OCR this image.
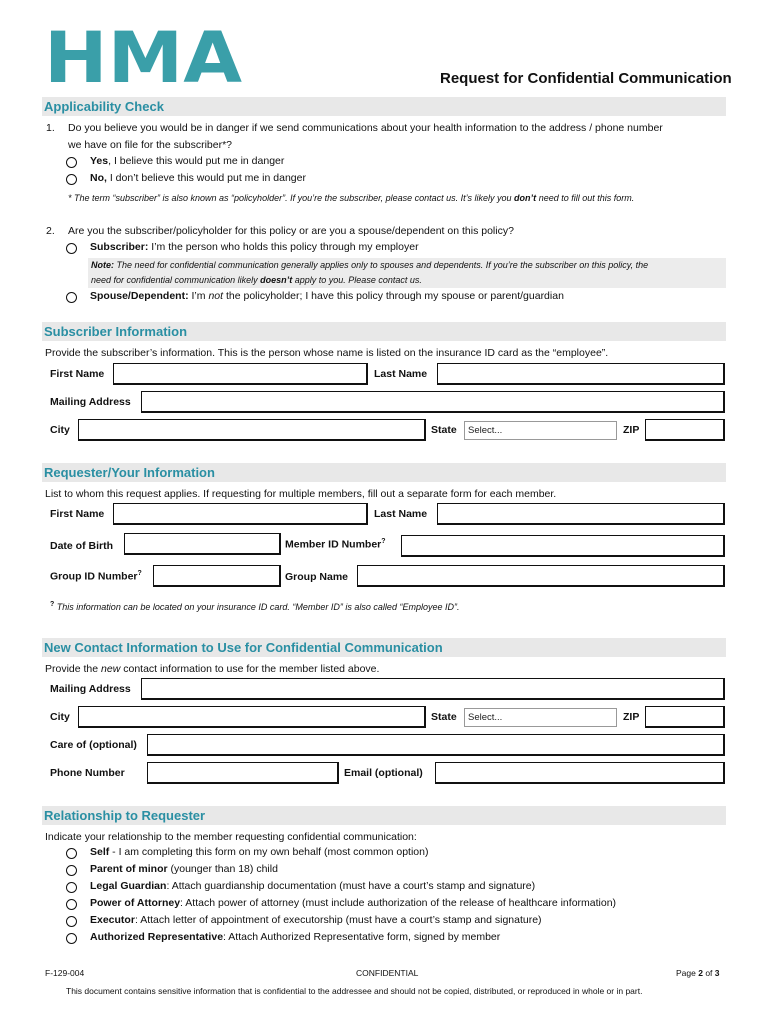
HMA	Request for Confidential Communication
Applicability Check
1. Do you believe you would be in danger if we send communications about your health information to the address / phone number
we have on file for the subscriber*?
Yes, I believe this would put me in danger
No, I don’t believe this would put me in danger
* The term “subscriber” is also known as “policyholder”. If you’re the subscriber, please contact us. It’s likely you don’t need to fill out this form.
2. Are you the subscriber/policyholder for this policy or are you a spouse/dependent on this policy?
Subscriber: I’m the person who holds this policy through my employer
Note: The need for confidential communication generally applies only to spouses and dependents. If you’re the subscriber on this policy, the
need for confidential communication likely doesn’t apply to you. Please contact us.
Spouse/Dependent: I’m not the policyholder; I have this policy through my spouse or parent/guardian
Subscriber Information
Provide the subscriber’s information. This is the person whose name is listed on the insurance ID card as the “employee”.
First Name	Last Name
Mailing Address
City	State	Select...	ZIP
Requester/Your Information
List to whom this request applies. If requesting for multiple members, fill out a separate form for each member.
First Name	Last Name
Date of Birth	Member ID Number?
Group ID Number?	Group Name
? This information can be located on your insurance ID card. “Member ID” is also called “Employee ID”.
New Contact Information to Use for Confidential Communication
Provide the new contact information to use for the member listed above.
Mailing Address
City	State	Select...	ZIP
Care of (optional)
Phone Number	Email (optional)
Relationship to Requester
Indicate your relationship to the member requesting confidential communication:
Self - I am completing this form on my own behalf (most common option)
Parent of minor (younger than 18) child
Legal Guardian: Attach guardianship documentation (must have a court’s stamp and signature)
Power of Attorney: Attach power of attorney (must include authorization of the release of healthcare information)
Executor: Attach letter of appointment of executorship (must have a court’s stamp and signature)
Authorized Representative: Attach Authorized Representative form, signed by member
F-129-004	CONFIDENTIAL	Page 2 of 3
This document contains sensitive information that is confidential to the addressee and should not be copied, distributed, or reproduced in whole or in part.
